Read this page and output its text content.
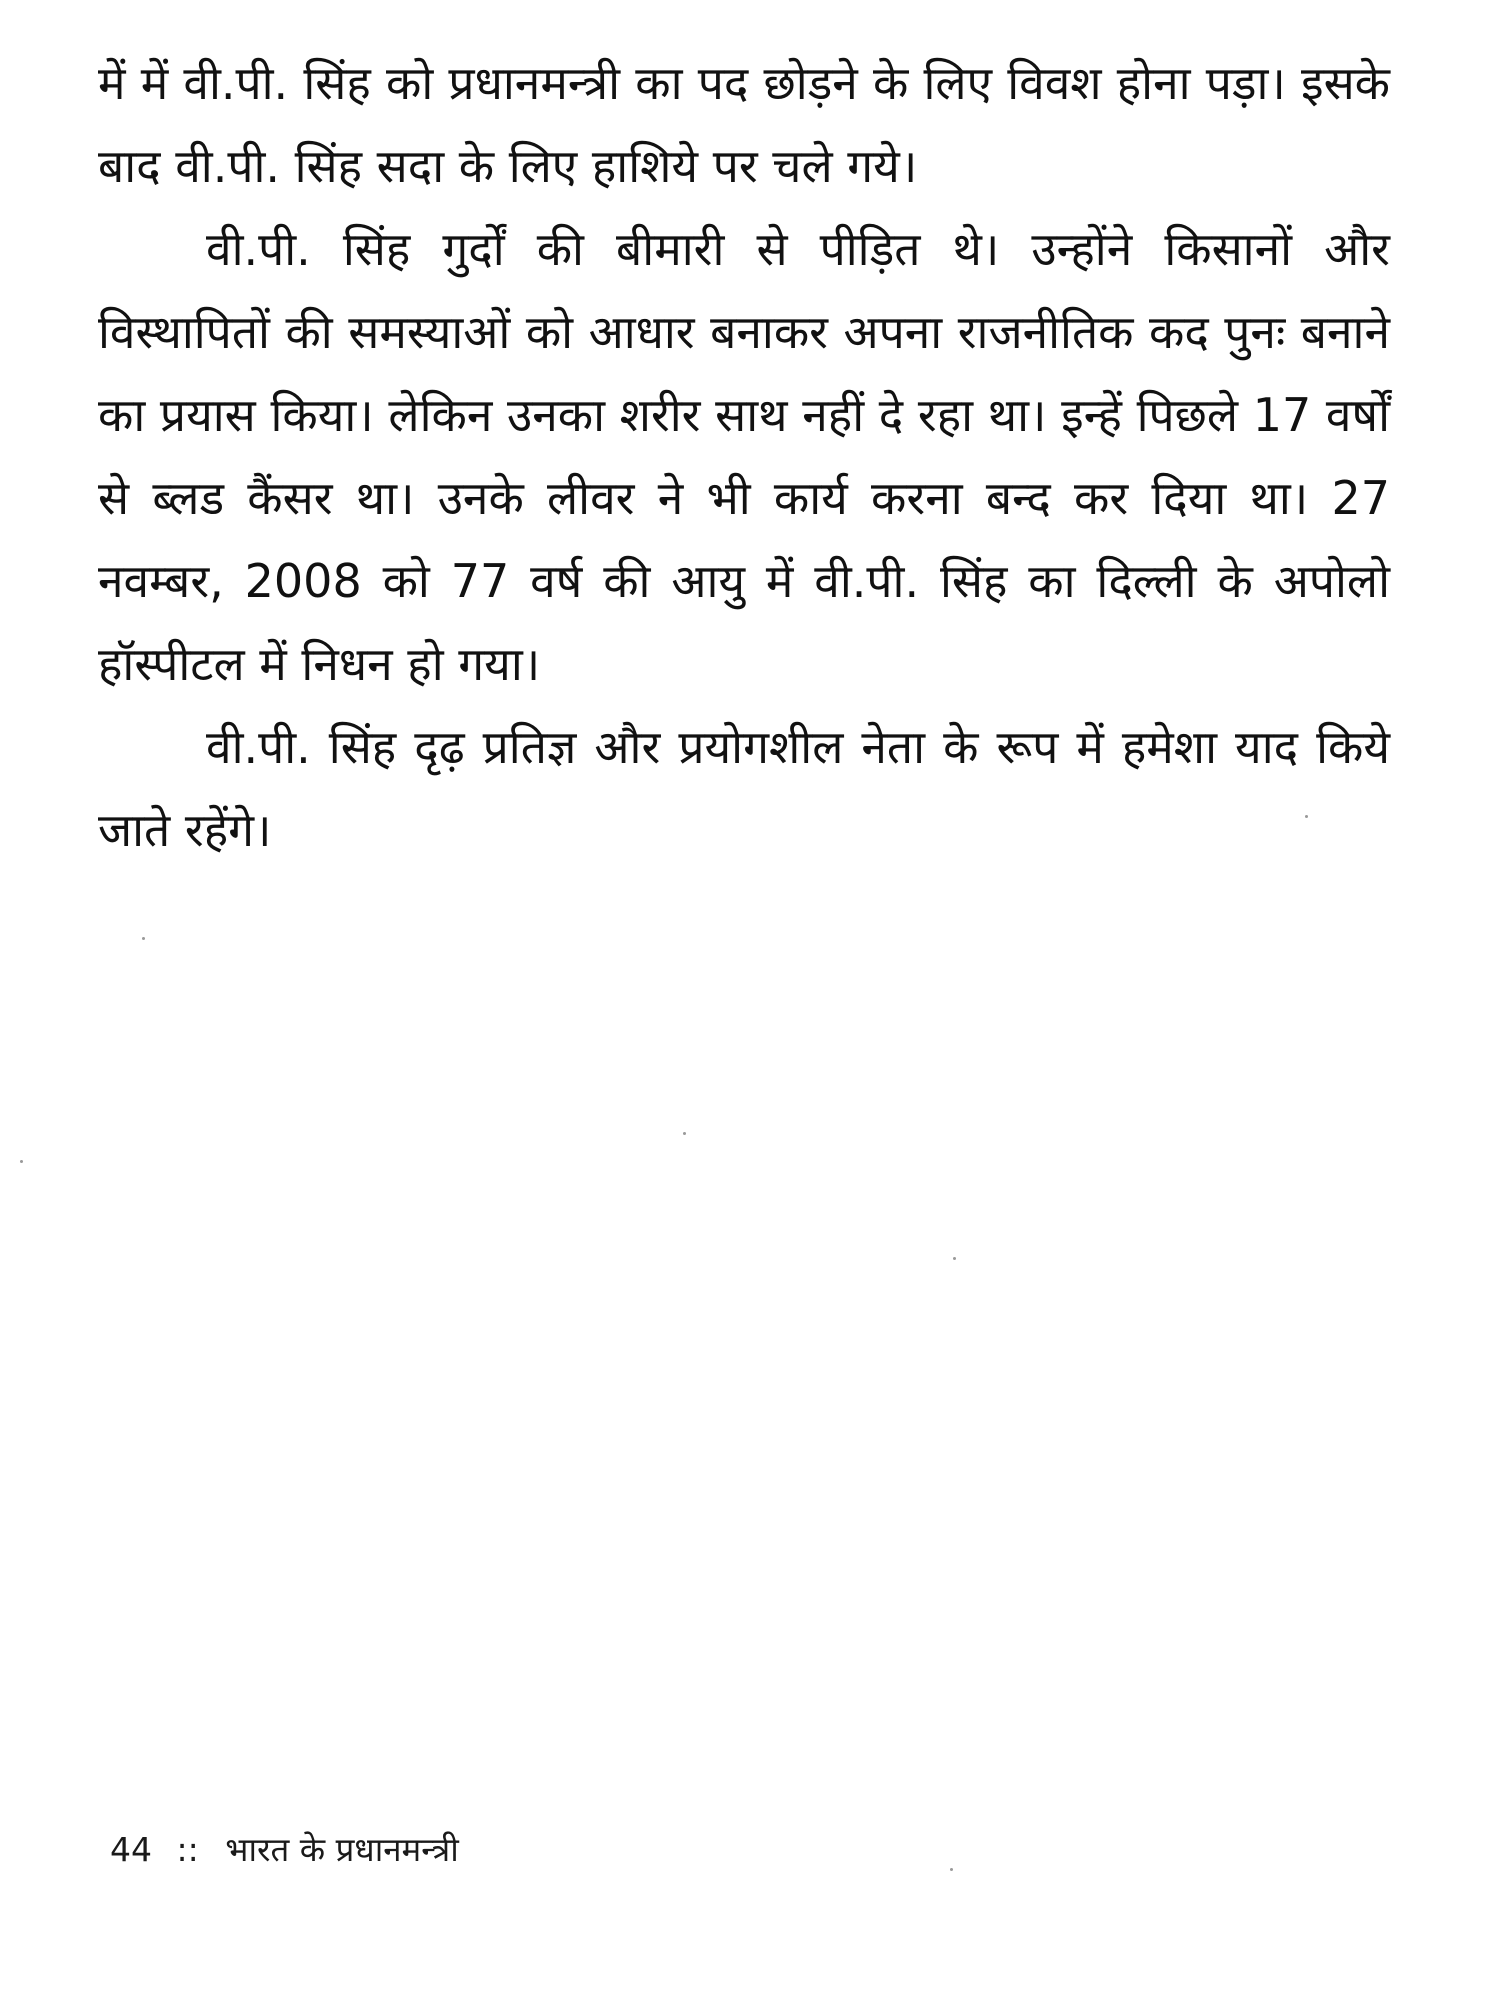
में में वी.पी. सिंह को प्रधानमन्त्री का पद छोड़ने के लिए विवश होना पड़ा। इसके बाद वी.पी. सिंह सदा के लिए हाशिये पर चले गये।

वी.पी. सिंह गुर्दों की बीमारी से पीड़ित थे। उन्होंने किसानों और विस्थापितों की समस्याओं को आधार बनाकर अपना राजनीतिक कद पुनः बनाने का प्रयास किया। लेकिन उनका शरीर साथ नहीं दे रहा था। इन्हें पिछले 17 वर्षों से ब्लड कैंसर था। उनके लीवर ने भी कार्य करना बन्द कर दिया था। 27 नवम्बर, 2008 को 77 वर्ष की आयु में वी.पी. सिंह का दिल्ली के अपोलो हॉस्पीटल में निधन हो गया।

वी.पी. सिंह दृढ़ प्रतिज्ञ और प्रयोगशील नेता के रूप में हमेशा याद किये जाते रहेंगे।

44 :: भारत के प्रधानमन्त्री
